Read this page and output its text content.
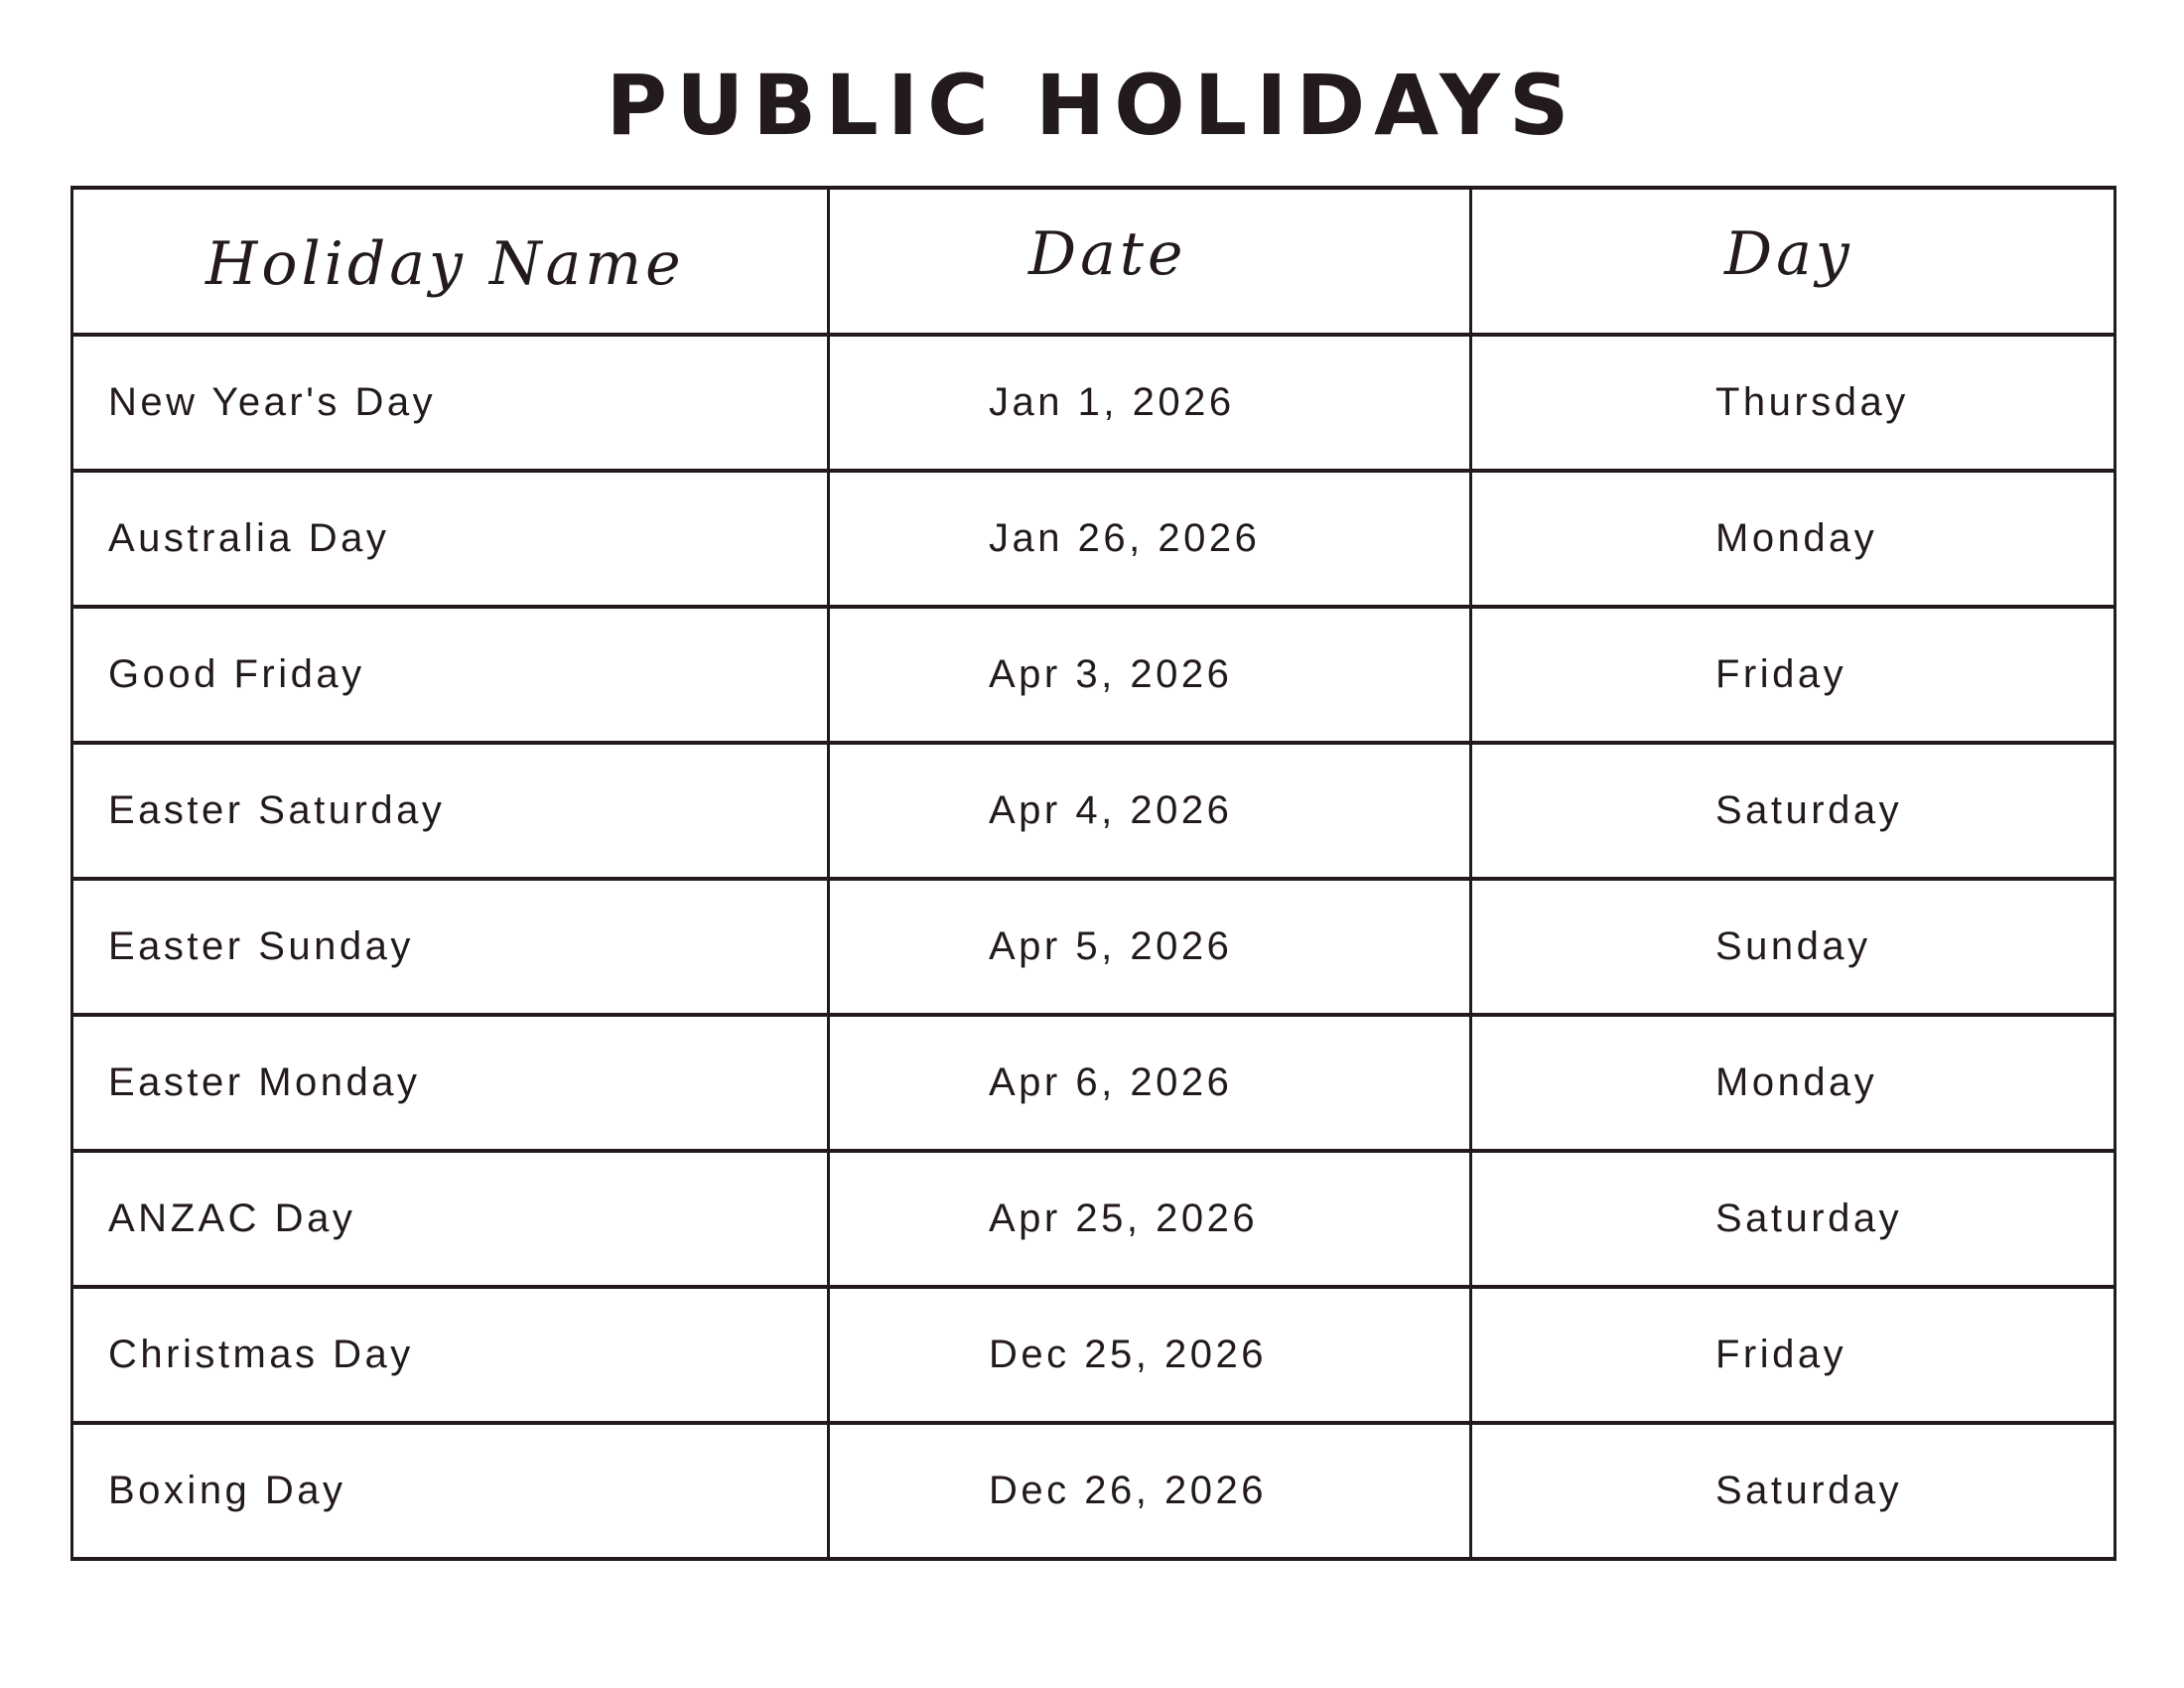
PUBLIC HOLIDAYS
Holiday Name	Date	Day
New Year's Day	Jan 1, 2026	Thursday
Australia Day	Jan 26, 2026	Monday
Good Friday	Apr 3, 2026	Friday
Easter Saturday	Apr 4, 2026	Saturday
Easter Sunday	Apr 5, 2026	Sunday
Easter Monday	Apr 6, 2026	Monday
ANZAC Day	Apr 25, 2026	Saturday
Christmas Day	Dec 25, 2026	Friday
Boxing Day	Dec 26, 2026	Saturday
